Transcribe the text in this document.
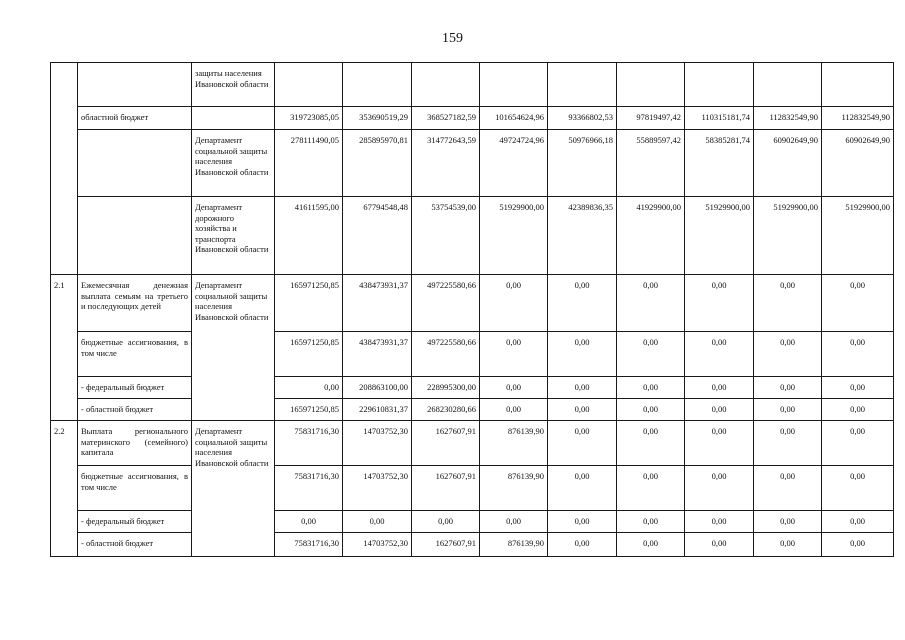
159
		защиты населения Ивановской области									
	областной бюджет		319723085,05	353690519,29	368527182,59	101654624,96	93366802,53	97819497,42	110315181,74	112832549,90	112832549,90
		Департамент социальной защиты населения Ивановской области	278111490,05	285895970,81	314772643,59	49724724,96	50976966,18	55889597,42	58385281,74	60902649,90	60902649,90
		Департамент дорожного хозяйства и транспорта Ивановской области	41611595,00	67794548,48	53754539,00	51929900,00	42389836,35	41929900,00	51929900,00	51929900,00	51929900,00
2.1	Ежемесячная денежная выплата семьям на третьего и последующих детей	Департамент социальной защиты населения Ивановской области	165971250,85	438473931,37	497225580,66	0,00	0,00	0,00	0,00	0,00	0,00
	бюджетные ассигнования, в том числе		165971250,85	438473931,37	497225580,66	0,00	0,00	0,00	0,00	0,00	0,00
	- федеральный бюджет		0,00	208863100,00	228995300,00	0,00	0,00	0,00	0,00	0,00	0,00
	- областной бюджет		165971250,85	229610831,37	268230280,66	0,00	0,00	0,00	0,00	0,00	0,00
2.2	Выплата регионального материнского (семейного) капитала	Департамент социальной защиты населения Ивановской области	75831716,30	14703752,30	1627607,91	876139,90	0,00	0,00	0,00	0,00	0,00
	бюджетные ассигнования, в том числе		75831716,30	14703752,30	1627607,91	876139,90	0,00	0,00	0,00	0,00	0,00
	- федеральный бюджет		0,00	0,00	0,00	0,00	0,00	0,00	0,00	0,00	0,00
	- областной бюджет		75831716,30	14703752,30	1627607,91	876139,90	0,00	0,00	0,00	0,00	0,00
